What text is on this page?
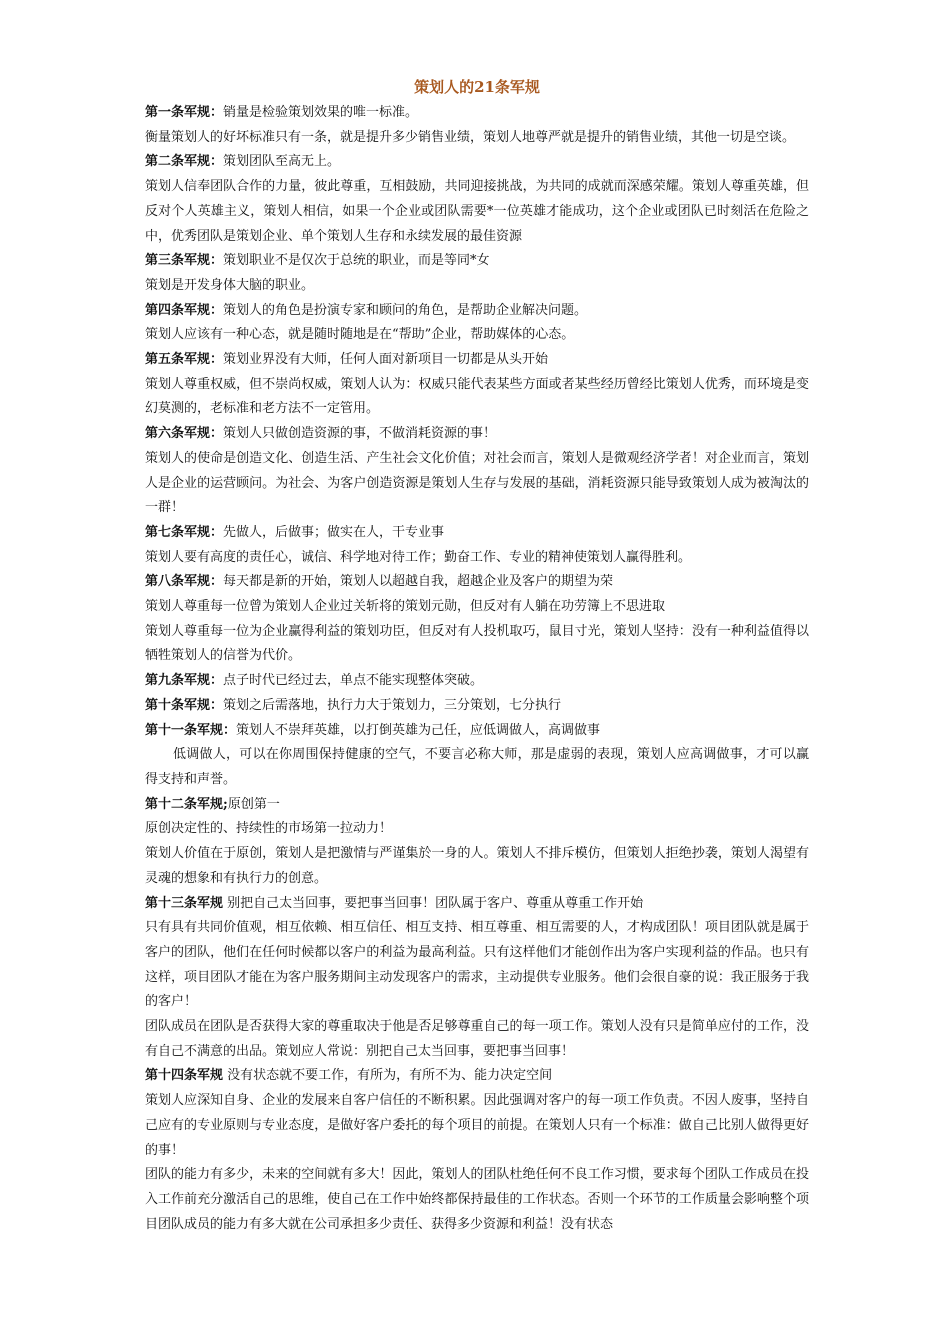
策划人的21条军规

第一条军规：销量是检验策划效果的唯一标准。

衡量策划人的好坏标准只有一条，就是提升多少销售业绩，策划人地尊严就是提升的销售业绩，其他一切是空谈。

第二条军规：策划团队至高无上。

策划人信奉团队合作的力量，彼此尊重，互相鼓励，共同迎接挑战，为共同的成就而深感荣耀。策划人尊重英雄，但反对个人英雄主义，策划人相信，如果一个企业或团队需要*一位英雄才能成功，这个企业或团队已时刻活在危险之中，优秀团队是策划企业、单个策划人生存和永续发展的最佳资源

第三条军规：策划职业不是仅次于总统的职业，而是等同*女

策划是开发身体大脑的职业。

第四条军规：策划人的角色是扮演专家和顾问的角色，是帮助企业解决问题。

策划人应该有一种心态，就是随时随地是在“帮助”企业，帮助媒体的心态。

第五条军规：策划业界没有大师，任何人面对新项目一切都是从头开始

策划人尊重权威，但不崇尚权威，策划人认为：权威只能代表某些方面或者某些经历曾经比策划人优秀，而环境是变幻莫测的，老标准和老方法不一定管用。

第六条军规：策划人只做创造资源的事，不做消耗资源的事！

策划人的使命是创造文化、创造生活、产生社会文化价值；对社会而言，策划人是微观经济学者！对企业而言，策划人是企业的运营顾问。为社会、为客户创造资源是策划人生存与发展的基础，消耗资源只能导致策划人成为被淘汰的一群！

第七条军规：先做人，后做事；做实在人，干专业事

策划人要有高度的责任心，诚信、科学地对待工作；勤奋工作、专业的精神使策划人赢得胜利。

第八条军规：每天都是新的开始，策划人以超越自我，超越企业及客户的期望为荣

策划人尊重每一位曾为策划人企业过关斩将的策划元勋，但反对有人躺在功劳簿上不思进取

策划人尊重每一位为企业赢得利益的策划功臣，但反对有人投机取巧，鼠目寸光，策划人坚持：没有一种利益值得以牺牲策划人的信誉为代价。

第九条军规：点子时代已经过去，单点不能实现整体突破。

第十条军规：策划之后需落地，执行力大于策划力，三分策划，七分执行

第十一条军规：策划人不崇拜英雄，以打倒英雄为己任，应低调做人，高调做事

低调做人，可以在你周围保持健康的空气，不要言必称大师，那是虚弱的表现，策划人应高调做事，才可以赢得支持和声誉。

第十二条军规;原创第一

原创决定性的、持续性的市场第一拉动力！

策划人价值在于原创，策划人是把激情与严谨集於一身的人。策划人不排斥模仿，但策划人拒绝抄袭，策划人渴望有灵魂的想象和有执行力的创意。

第十三条军规 别把自己太当回事，要把事当回事！团队属于客户、尊重从尊重工作开始

只有具有共同价值观，相互依赖、相互信任、相互支持、相互尊重、相互需要的人，才构成团队！项目团队就是属于客户的团队，他们在任何时候都以客户的利益为最高利益。只有这样他们才能创作出为客户实现利益的作品。也只有这样，项目团队才能在为客户服务期间主动发现客户的需求，主动提供专业服务。他们会很自豪的说：我正服务于我的客户！

团队成员在团队是否获得大家的尊重取决于他是否足够尊重自己的每一项工作。策划人没有只是简单应付的工作，没有自己不满意的出品。策划应人常说：别把自己太当回事，要把事当回事！

第十四条军规 没有状态就不要工作，有所为，有所不为、能力决定空间

策划人应深知自身、企业的发展来自客户信任的不断积累。因此强调对客户的每一项工作负责。不因人废事，坚持自己应有的专业原则与专业态度，是做好客户委托的每个项目的前提。在策划人只有一个标准：做自己比别人做得更好的事！

团队的能力有多少，未来的空间就有多大！因此，策划人的团队杜绝任何不良工作习惯，要求每个团队工作成员在投入工作前充分激活自己的思维，使自己在工作中始终都保持最佳的工作状态。否则一个环节的工作质量会影响整个项目团队成员的能力有多大就在公司承担多少责任、获得多少资源和利益！没有状态
